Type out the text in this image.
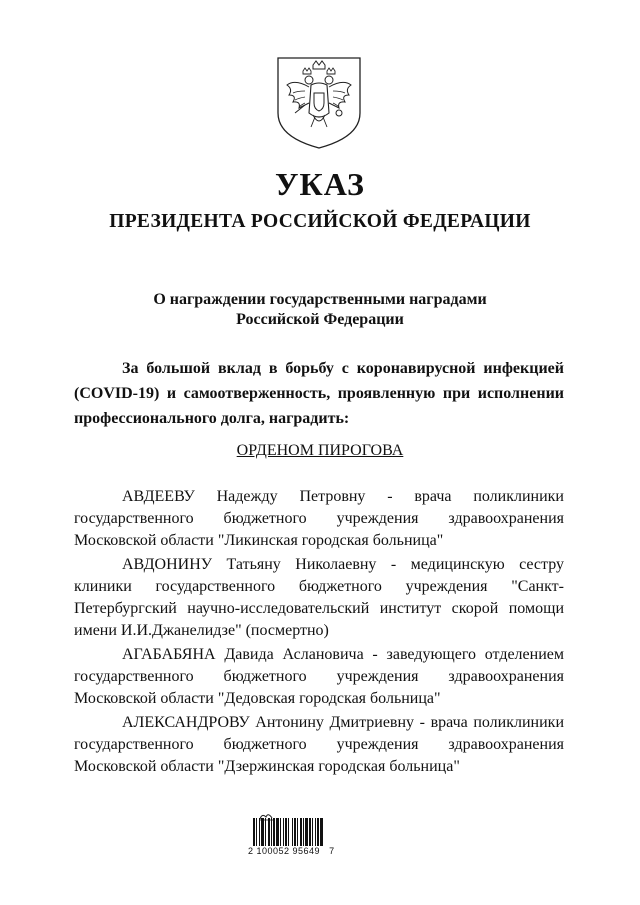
УКАЗ
ПРЕЗИДЕНТА РОССИЙСКОЙ ФЕДЕРАЦИИ
О награждении государственными наградами
Российской Федерации
За большой вклад в борьбу с коронавирусной инфекцией
(COVID-19) и самоотверженность, проявленную при исполнении
профессионального долга, наградить:
ОРДЕНОМ ПИРОГОВА
АВДЕЕВУ Надежду Петровну - врача поликлиники
государственного бюджетного учреждения здравоохранения
Московской области "Ликинская городская больница"
АВДОНИНУ Татьяну Николаевну - медицинскую сестру
клиники государственного бюджетного учреждения "Санкт-
Петербургский научно-исследовательский институт скорой помощи
имени И.И.Джанелидзе" (посмертно)
АГАБАБЯНА Давида Аслановича - заведующего отделением
государственного бюджетного учреждения здравоохранения
Московской области "Дедовская городская больница"
АЛЕКСАНДРОВУ Антонину Дмитриевну - врача поликлиники
государственного бюджетного учреждения здравоохранения
Московской области "Дзержинская городская больница"
2 100052 95649   7
